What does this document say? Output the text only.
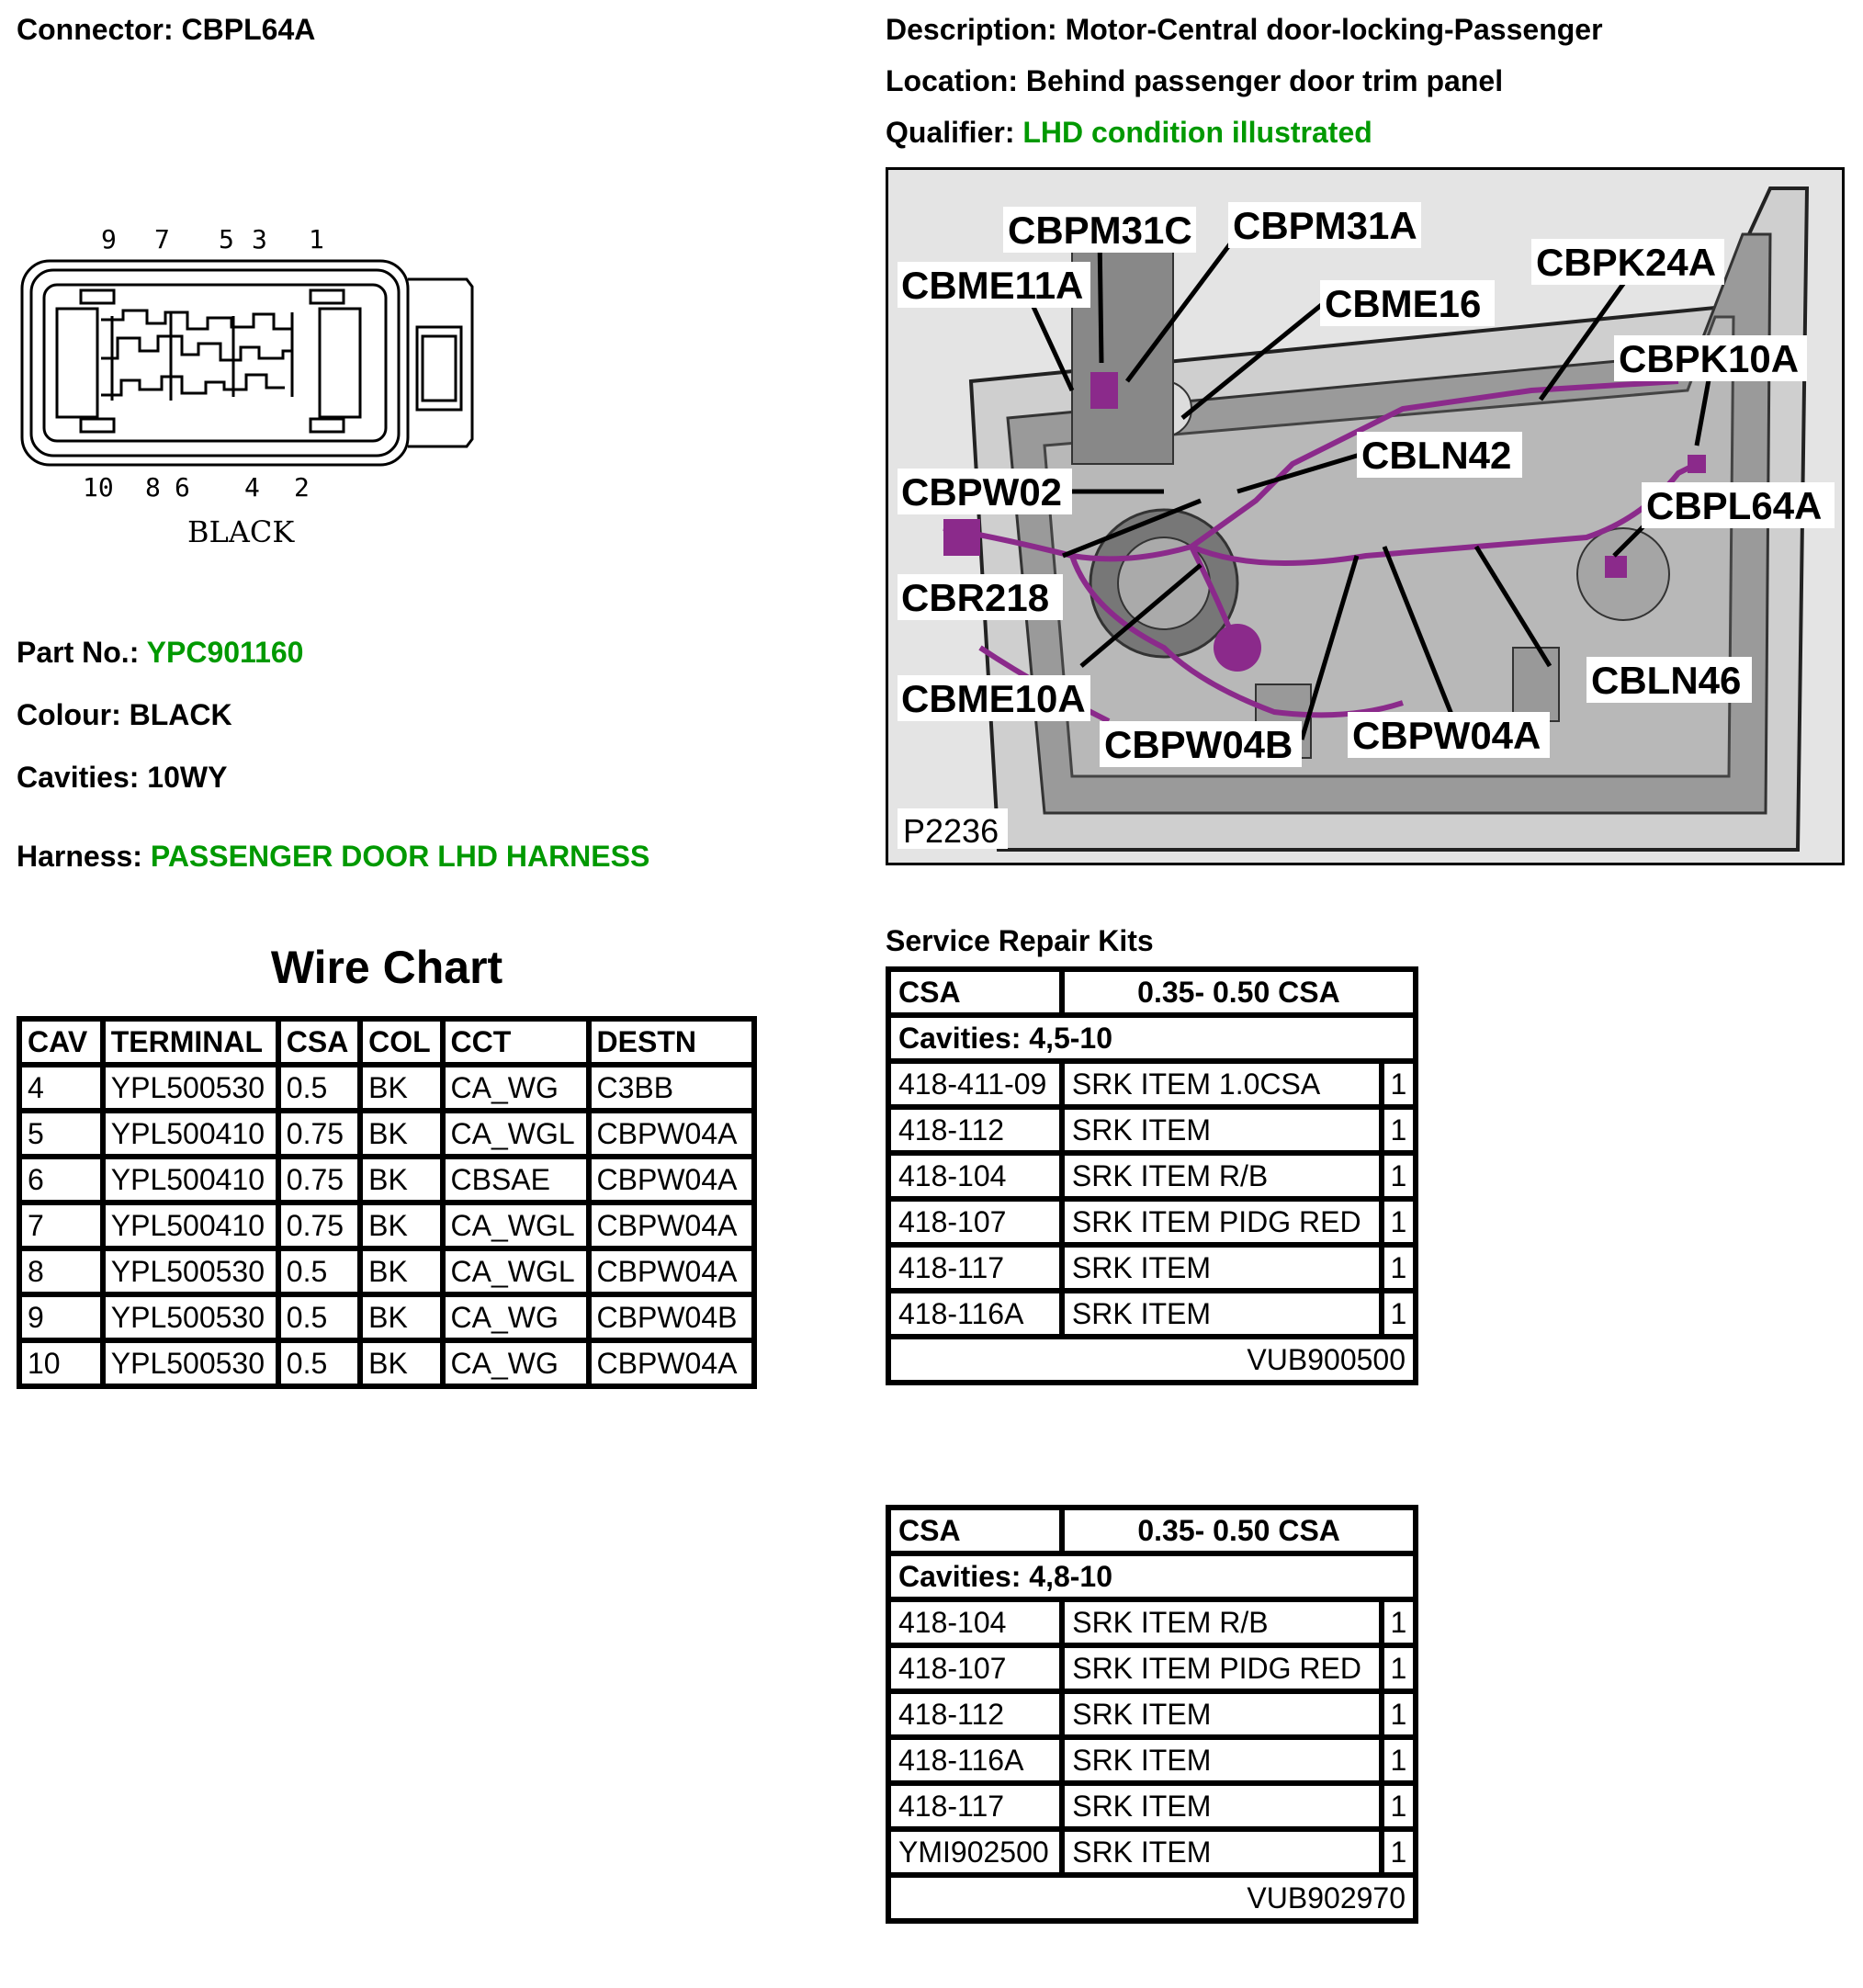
Connector: CBPL64A	Description: Motor-Central door-locking-Passenger
Location: Behind passenger door trim panel
Qualifier: LHD condition illustrated
9 7 5 3 1
10 8 6 4 2
BLACK
Part No.: YPC901160
Colour: BLACK
Cavities: 10WY
Harness: PASSENGER DOOR LHD HARNESS
CBPM31C CBPM31A
CBME11A	CBME16
CBPK24A
CBPK10A
CBLN42
CBPW02	CBPL64A
CBR218
CBLN46
CBME10A
CBPW04B CBPW04A
P2236
Wire Chart
CAV	TERMINAL	CSA	COL	CCT	DESTN
4	YPL500530	0.5	BK	CA_WG	C3BB
5	YPL500410	0.75	BK	CA_WGL	CBPW04A
6	YPL500410	0.75	BK	CBSAE	CBPW04A
7	YPL500410	0.75	BK	CA_WGL	CBPW04A
8	YPL500530	0.5	BK	CA_WGL	CBPW04A
9	YPL500530	0.5	BK	CA_WG	CBPW04B
10	YPL500530	0.5	BK	CA_WG	CBPW04A
Service Repair Kits
CSA	0.35- 0.50 CSA	
Cavities: 4,5-10		
418-411-09	SRK ITEM 1.0CSA	1
418-112	SRK ITEM	1
418-104	SRK ITEM R/B	1
418-107	SRK ITEM PIDG RED	1
418-117	SRK ITEM	1
418-116A	SRK ITEM	1
VUB900500		
CSA	0.35- 0.50 CSA	
Cavities: 4,8-10		
418-104	SRK ITEM R/B	1
418-107	SRK ITEM PIDG RED	1
418-112	SRK ITEM	1
418-116A	SRK ITEM	1
418-117	SRK ITEM	1
YMI902500	SRK ITEM	1
VUB902970		
